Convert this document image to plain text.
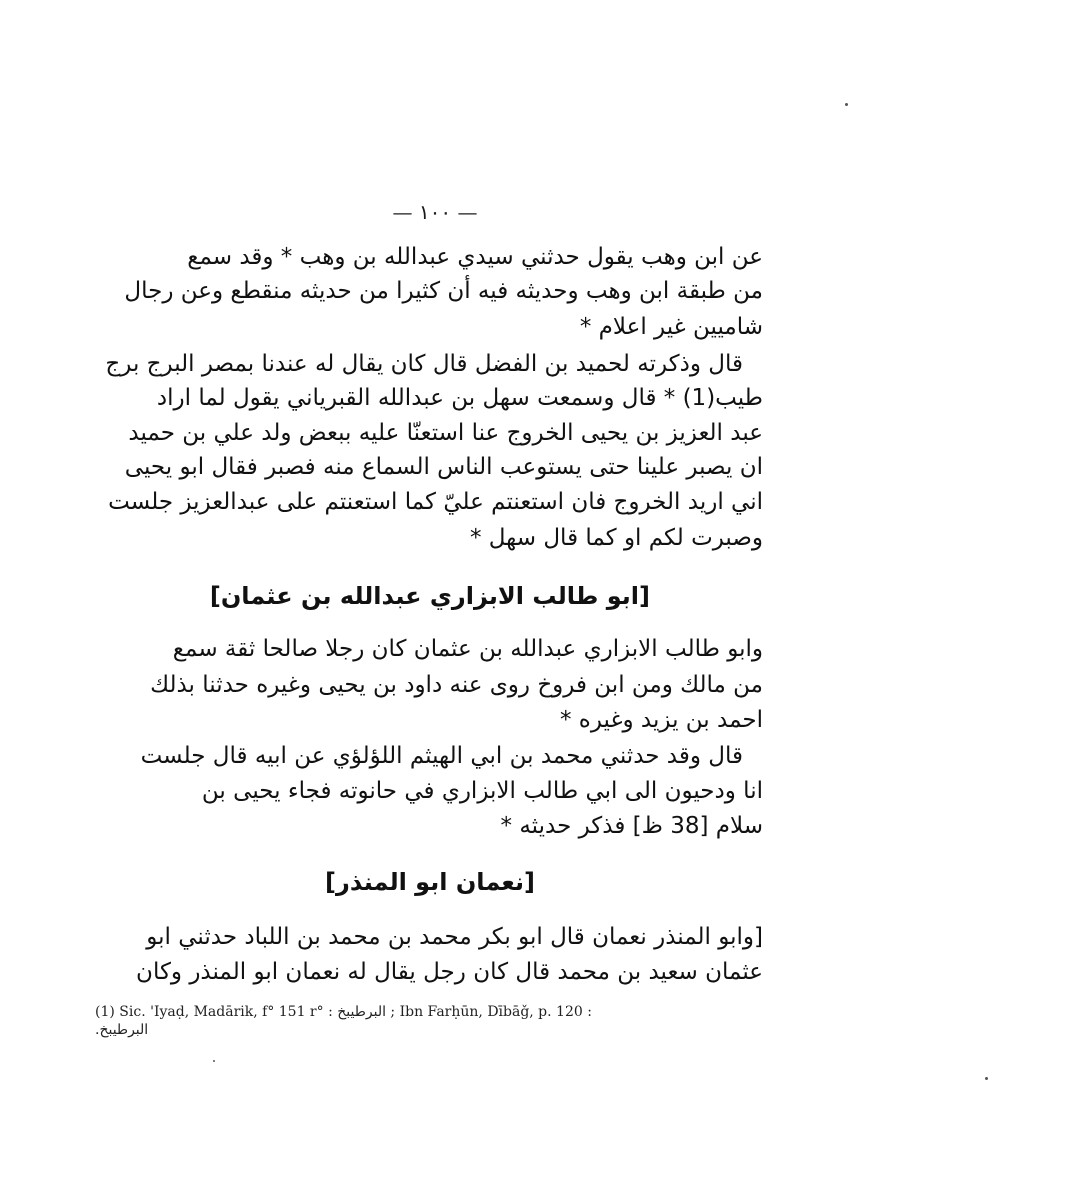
— ١٠٠ —
عن ابن وهب يقول حدثني سيدي عبدالله بن وهب * وقد سمع
من طبقة ابن وهب وحديثه فيه أن كثيرا من حديثه منقطع وعن رجال
شاميين غير اعلام *
قال وذكرته لحميد بن الفضل قال كان يقال له عندنا بمصر البرج برج
طيب(1) * قال وسمعت سهل بن عبدالله القبرياني يقول لما اراد
عبد العزيز بن يحيى الخروج عنا استعنّا عليه ببعض ولد علي بن حميد
ان يصبر علينا حتى يستوعب الناس السماع منه فصبر فقال ابو يحيى
اني اريد الخروج فان استعنتم عليّ كما استعنتم على عبدالعزيز جلست
وصبرت لكم او كما قال سهل *
[ابو طالب الابزاري عبدالله بن عثمان]
وابو طالب الابزاري عبدالله بن عثمان كان رجلا صالحا ثقة سمع
من مالك ومن ابن فروخ روى عنه داود بن يحيى وغيره حدثنا بذلك
احمد بن يزيد وغيره *
قال وقد حدثني محمد بن ابي الهيثم اللؤلؤي عن ابيه قال جلست
انا ودحيون الى ابي طالب الابزاري في حانوته فجاء يحيى بن
سلام [38 ظ] فذكر حديثه *
[نعمان ابو المنذر]
[وابو المنذر نعمان قال ابو بكر محمد بن محمد بن اللباد حدثني ابو
عثمان سعيد بن محمد قال كان رجل يقال له نعمان ابو المنذر وكان
(1) Sic. 'Iyaḍ, Madārik, f° 151 r° : البرطيبخ ; Ibn Farḥūn, Dībāǧ, p. 120 :
البرطيبخ.
